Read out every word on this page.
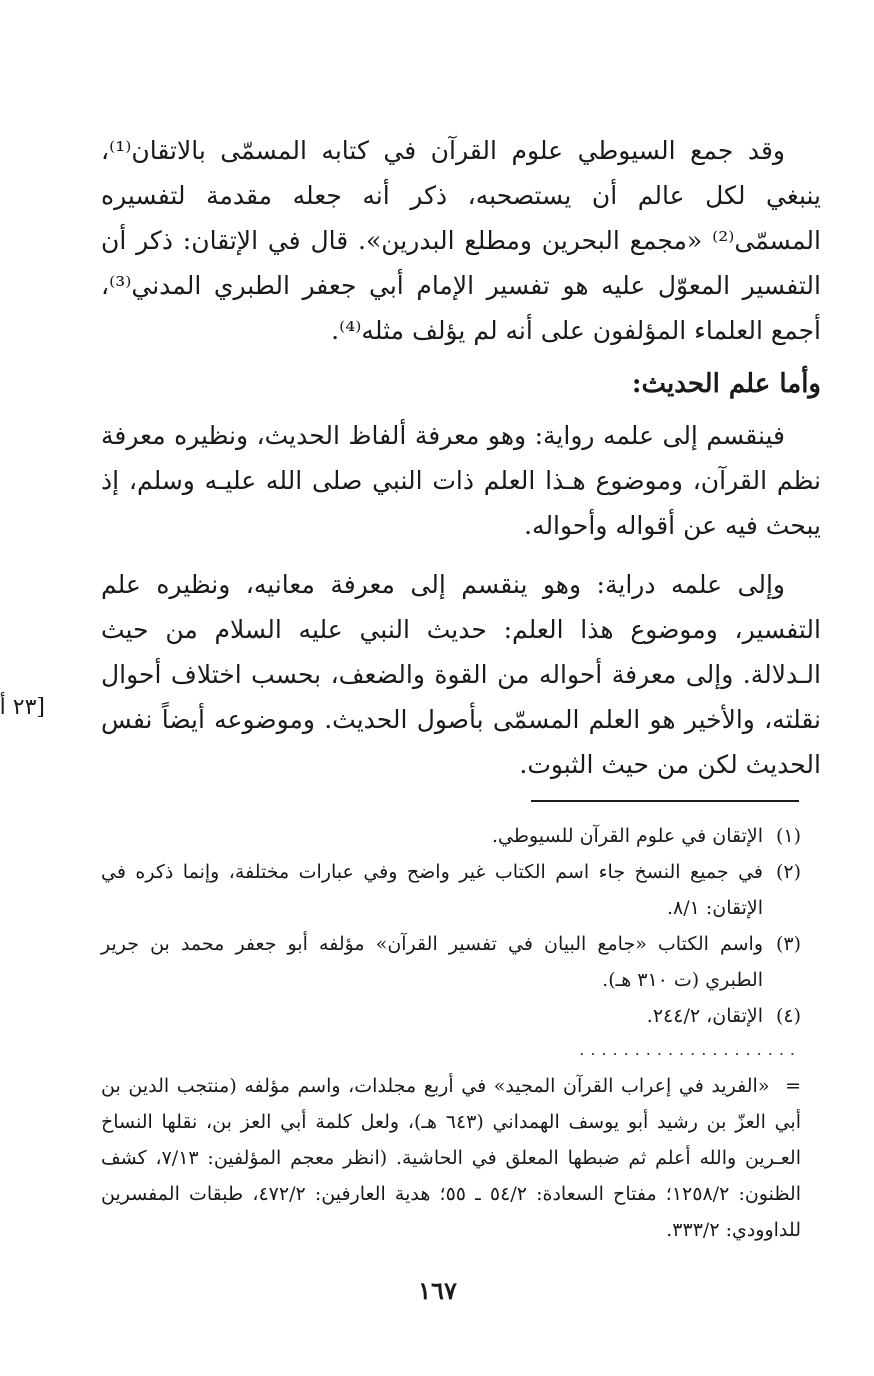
وقد جمع السيوطي علوم القرآن في كتابه المسمّى بالاتقان⁽¹⁾، ينبغي لكل عالم أن يستصحبه، ذكر أنه جعله مقدمة لتفسيره المسمّى⁽²⁾ «مجمع البحرين ومطلع البدرين». قال في الإتقان: ذكر أن التفسير المعوّل عليه هو تفسير الإمام أبي جعفر الطبري المدني⁽³⁾، أجمع العلماء المؤلفون على أنه لم يؤلف مثله⁽⁴⁾.

وأما علم الحديث:

فينقسم إلى علمه رواية: وهو معرفة ألفاظ الحديث، ونظيره معرفة نظم القرآن، وموضوع هـذا العلم ذات النبي صلى الله عليـه وسلم، إذ يبحث فيه عن أقواله وأحواله.

وإلى علمه دراية: وهو ينقسم إلى معرفة معانيه، ونظيره علم التفسير، وموضوع هذا العلم: حديث النبي عليه السلام من حيث الـدلالة. وإلى معرفة أحواله من القوة والضعف، بحسب اختلاف أحوال نقلته، والأخير هو العلم المسمّى بأصول الحديث. وموضوعه أيضاً نفس الحديث لكن من حيث الثبوت.

[٢٣ أ
(١)
الإتقان في علوم القرآن للسيوطي.
(٢)
في جميع النسخ جاء اسم الكتاب غير واضح وفي عبارات مختلفة، وإنما ذكره في الإتقان: ٨/١.
(٣)
واسم الكتاب «جامع البيان في تفسير القرآن» مؤلفه أبو جعفر محمد بن جرير الطبري (ت ٣١٠ هـ).
(٤)
الإتقان، ٢٤٤/٢.
....................
= «الفريد في إعراب القرآن المجيد» في أربع مجلدات، واسم مؤلفه (منتجب الدين بن أبي العزّ بن رشيد أبو يوسف الهمداني (٦٤٣ هـ)، ولعل كلمة أبي العز بن، نقلها النساخ العـرين والله أعلم ثم ضبطها المعلق في الحاشية. (انظر معجم المؤلفين: ٧/١٣، كشف الظنون: ١٢٥٨/٢؛ مفتاح السعادة: ٥٤/٢ ـ ٥٥؛ هدية العارفين: ٤٧٢/٢، طبقات المفسرين للداوودي: ٣٣٣/٢.
١٦٧
